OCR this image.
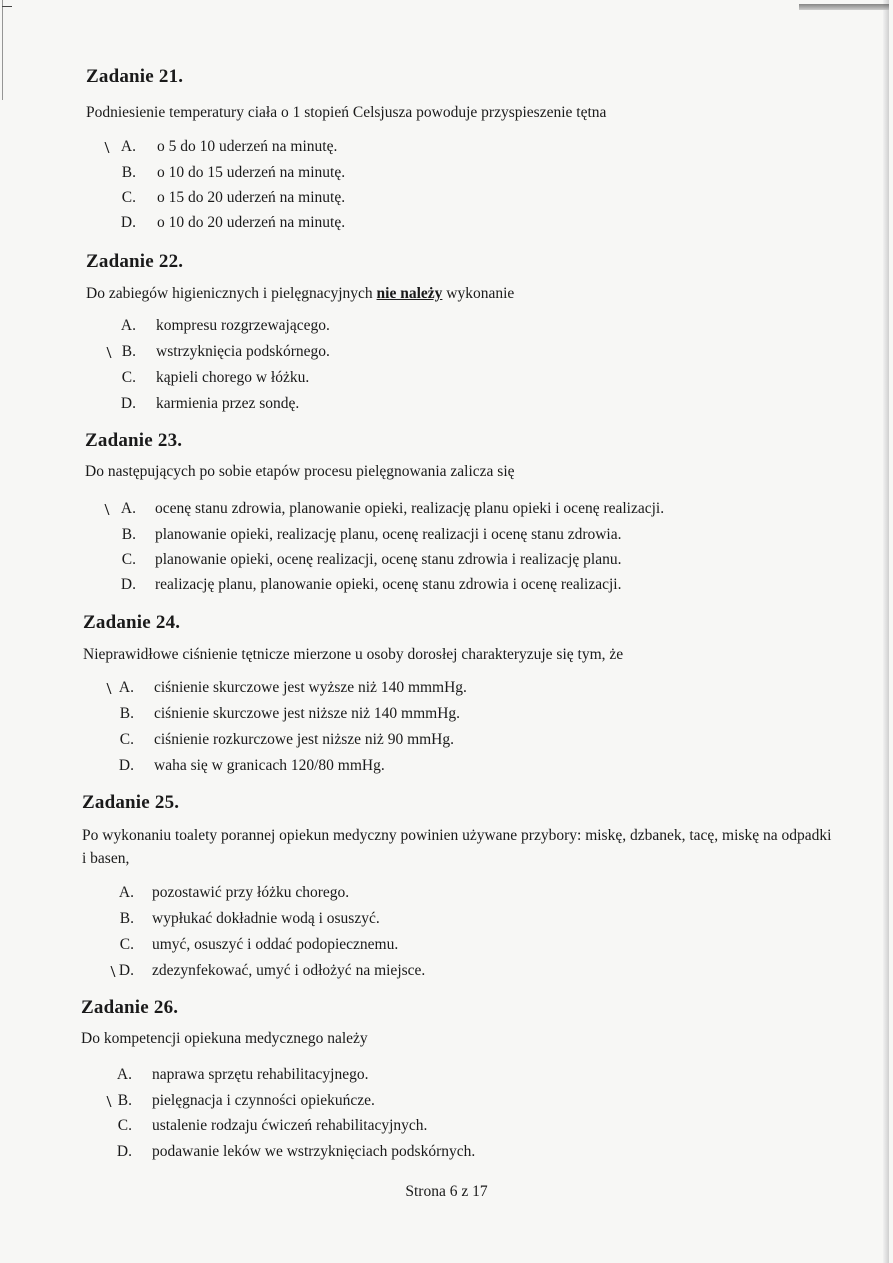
Zadanie 21.
Podniesienie temperatury ciała o 1 stopień Celsjusza powoduje przyspieszenie tętna
\ A. o 5 do 10 uderzeń na minutę.
B. o 10 do 15 uderzeń na minutę.
C. o 15 do 20 uderzeń na minutę.
D. o 10 do 20 uderzeń na minutę.
Zadanie 22.
Do zabiegów higienicznych i pielęgnacyjnych nie należy wykonanie
A. kompresu rozgrzewającego.
\ B. wstrzyknięcia podskórnego.
C. kąpieli chorego w łóżku.
D. karmienia przez sondę.
Zadanie 23.
Do następujących po sobie etapów procesu pielęgnowania zalicza się
\ A. ocenę stanu zdrowia, planowanie opieki, realizację planu opieki i ocenę realizacji.
B. planowanie opieki, realizację planu, ocenę realizacji i ocenę stanu zdrowia.
C. planowanie opieki, ocenę realizacji, ocenę stanu zdrowia i realizację planu.
D. realizację planu, planowanie opieki, ocenę stanu zdrowia i ocenę realizacji.
Zadanie 24.
Nieprawidłowe ciśnienie tętnicze mierzone u osoby dorosłej charakteryzuje się tym, że
\ A. ciśnienie skurczowe jest wyższe niż 140 mmmHg.
B. ciśnienie skurczowe jest niższe niż 140 mmmHg.
C. ciśnienie rozkurczowe jest niższe niż 90 mmHg.
D. waha się w granicach 120/80 mmHg.
Zadanie 25.
Po wykonaniu toalety porannej opiekun medyczny powinien używane przybory: miskę, dzbanek, tacę, miskę na odpadki i basen,
A. pozostawić przy łóżku chorego.
B. wypłukać dokładnie wodą i osuszyć.
C. umyć, osuszyć i oddać podopiecznemu.
\ D. zdezynfekować, umyć i odłożyć na miejsce.
Zadanie 26.
Do kompetencji opiekuna medycznego należy
A. naprawa sprzętu rehabilitacyjnego.
\ B. pielęgnacja i czynności opiekuńcze.
C. ustalenie rodzaju ćwiczeń rehabilitacyjnych.
D. podawanie leków we wstrzyknięciach podskórnych.
Strona 6 z 17
